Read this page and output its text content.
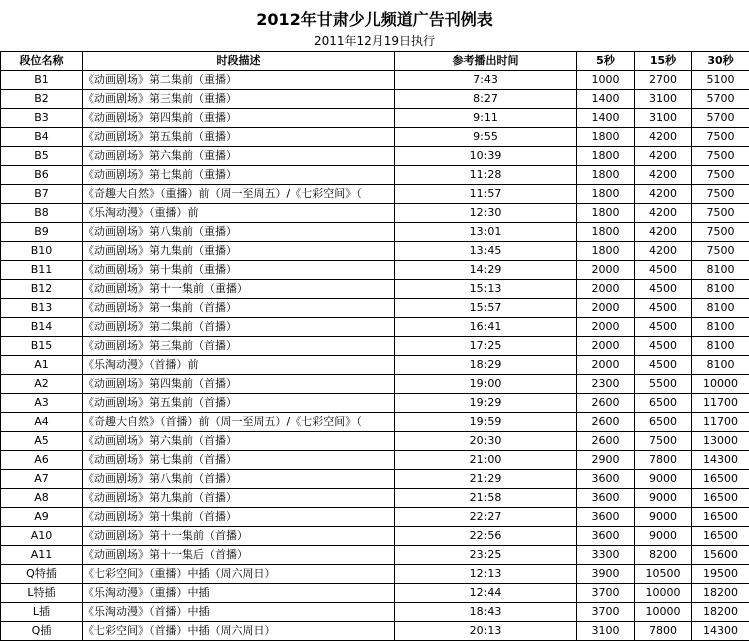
2012年甘肃少儿频道广告刊例表
2011年12月19日执行
段位名称	时段描述	参考播出时间	5秒	15秒	30秒
B1	《动画剧场》第二集前（重播）	7:43	1000	2700	5100
B2	《动画剧场》第三集前（重播）	8:27	1400	3100	5700
B3	《动画剧场》第四集前（重播）	9:11	1400	3100	5700
B4	《动画剧场》第五集前（重播）	9:55	1800	4200	7500
B5	《动画剧场》第六集前（重播）	10:39	1800	4200	7500
B6	《动画剧场》第七集前（重播）	11:28	1800	4200	7500
B7	《奇趣大自然》（重播）前（周一至周五）/《七彩空间》（	11:57	1800	4200	7500
B8	《乐淘动漫》（重播）前	12:30	1800	4200	7500
B9	《动画剧场》第八集前（重播）	13:01	1800	4200	7500
B10	《动画剧场》第九集前（重播）	13:45	1800	4200	7500
B11	《动画剧场》第十集前（重播）	14:29	2000	4500	8100
B12	《动画剧场》第十一集前（重播）	15:13	2000	4500	8100
B13	《动画剧场》第一集前（首播）	15:57	2000	4500	8100
B14	《动画剧场》第二集前（首播）	16:41	2000	4500	8100
B15	《动画剧场》第三集前（首播）	17:25	2000	4500	8100
A1	《乐淘动漫》（首播）前	18:29	2000	4500	8100
A2	《动画剧场》第四集前（首播）	19:00	2300	5500	10000
A3	《动画剧场》第五集前（首播）	19:29	2600	6500	11700
A4	《奇趣大自然》（首播）前（周一至周五）/《七彩空间》（	19:59	2600	6500	11700
A5	《动画剧场》第六集前（首播）	20:30	2600	7500	13000
A6	《动画剧场》第七集前（首播）	21:00	2900	7800	14300
A7	《动画剧场》第八集前（首播）	21:29	3600	9000	16500
A8	《动画剧场》第九集前（首播）	21:58	3600	9000	16500
A9	《动画剧场》第十集前（首播）	22:27	3600	9000	16500
A10	《动画剧场》第十一集前（首播）	22:56	3600	9000	16500
A11	《动画剧场》第十一集后（首播）	23:25	3300	8200	15600
Q特插	《七彩空间》（重播）中插（周六周日）	12:13	3900	10500	19500
L特插	《乐淘动漫》（重播）中插	12:44	3700	10000	18200
L插	《乐淘动漫》（首播）中插	18:43	3700	10000	18200
Q插	《七彩空间》（首播）中插（周六周日）	20:13	3100	7800	14300
